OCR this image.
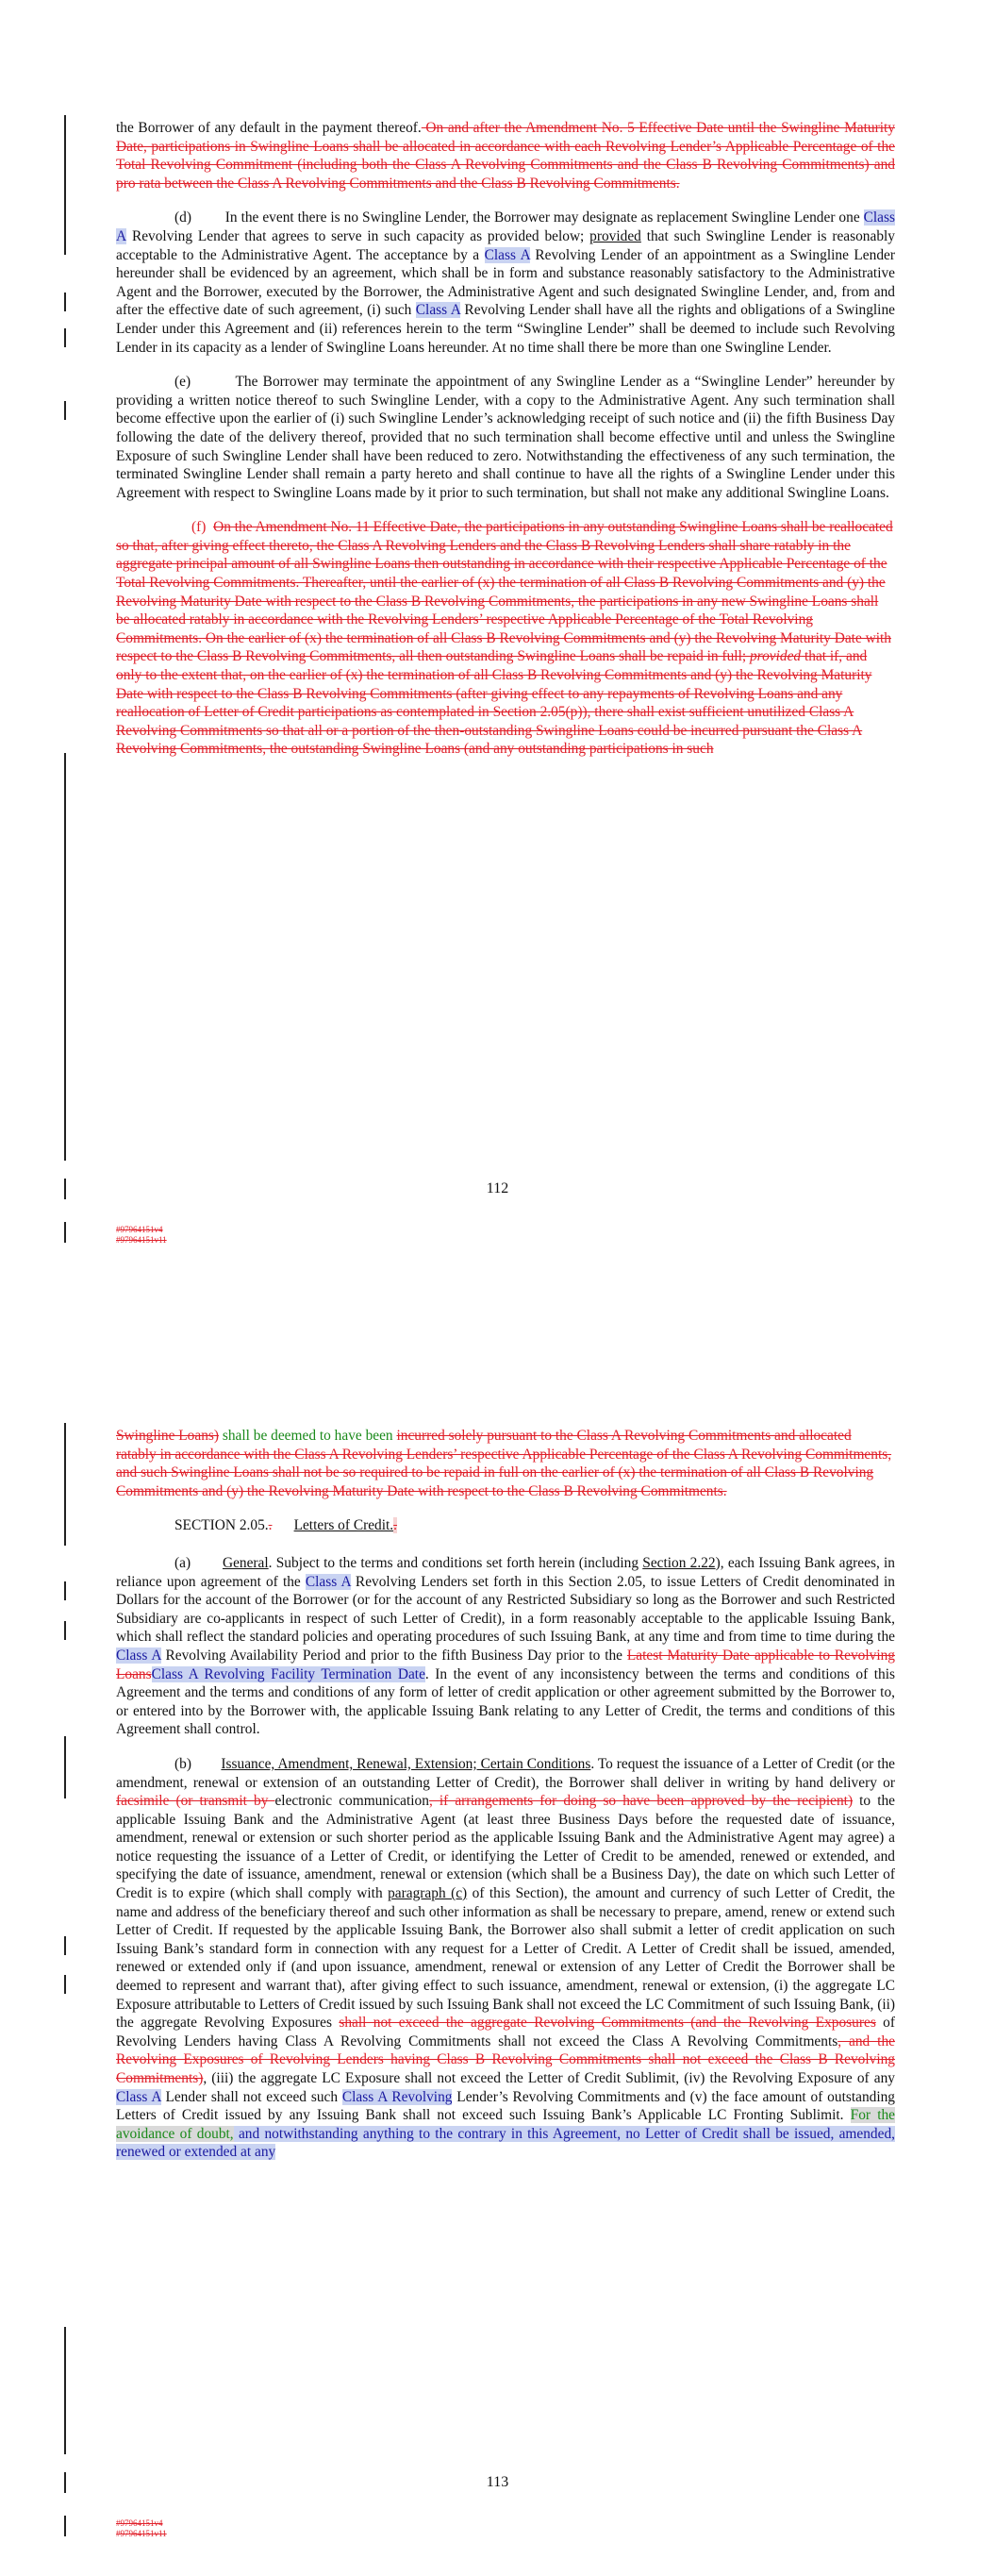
the Borrower of any default in the payment thereof. On and after the Amendment No. 5 Effective Date until the Swingline Maturity Date, participations in Swingline Loans shall be allocated in accordance with each Revolving Lender’s Applicable Percentage of the Total Revolving Commitment (including both the Class A Revolving Commitments and the Class B Revolving Commitments) and pro rata between the Class A Revolving Commitments and the Class B Revolving Commitments.

(d) In the event there is no Swingline Lender, the Borrower may designate as replacement Swingline Lender one Class A Revolving Lender that agrees to serve in such capacity as provided below; provided that such Swingline Lender is reasonably acceptable to the Administrative Agent. The acceptance by a Class A Revolving Lender of an appointment as a Swingline Lender hereunder shall be evidenced by an agreement, which shall be in form and substance reasonably satisfactory to the Administrative Agent and the Borrower, executed by the Borrower, the Administrative Agent and such designated Swingline Lender, and, from and after the effective date of such agreement, (i) such Class A Revolving Lender shall have all the rights and obligations of a Swingline Lender under this Agreement and (ii) references herein to the term “Swingline Lender” shall be deemed to include such Revolving Lender in its capacity as a lender of Swingline Loans hereunder. At no time shall there be more than one Swingline Lender.

(e)	The Borrower may terminate the appointment of any Swingline Lender as a “Swingline Lender” hereunder by providing a written notice thereof to such Swingline Lender, with a copy to the Administrative Agent. Any such termination shall become effective upon the earlier of (i) such Swingline Lender’s acknowledging receipt of such notice and (ii) the fifth Business Day following the date of the delivery thereof, provided that no such termination shall become effective until and unless the Swingline Exposure of such Swingline Lender shall have been reduced to zero. Notwithstanding the effectiveness of any such termination, the terminated Swingline Lender shall remain a party hereto and shall continue to have all the rights of a Swingline Lender under this Agreement with respect to Swingline Loans made by it prior to such termination, but shall not make any additional Swingline Loans.

(f) On the Amendment No. 11 Effective Date, the participations in any outstanding Swingline Loans shall be reallocated so that, after giving effect thereto, the Class A Revolving Lenders and the Class B Revolving Lenders shall share ratably in the aggregate principal amount of all Swingline Loans then outstanding in accordance with their respective Applicable Percentage of the Total Revolving Commitments. Thereafter, until the earlier of (x) the termination of all Class B Revolving Commitments and (y) the Revolving Maturity Date with respect to the Class B Revolving Commitments, the participations in any new Swingline Loans shall be allocated ratably in accordance with the Revolving Lenders’ respective Applicable Percentage of the Total Revolving Commitments. On the earlier of (x) the termination of all Class B Revolving Commitments and (y) the Revolving Maturity Date with respect to the Class B Revolving Commitments, all then outstanding Swingline Loans shall be repaid in full; provided that if, and only to the extent that, on the earlier of (x) the termination of all Class B Revolving Commitments and (y) the Revolving Maturity Date with respect to the Class B Revolving Commitments (after giving effect to any repayments of Revolving Loans and any reallocation of Letter of Credit participations as contemplated in Section 2.05(p)), there shall exist sufficient unutilized Class A Revolving Commitments so that all or a portion of the then-outstanding Swingline Loans could be incurred pursuant the Class A Revolving Commitments, the outstanding Swingline Loans (and any outstanding participations in such

112
#97964151v4
#97964151v11

Swingline Loans) shall be deemed to have been incurred solely pursuant to the Class A Revolving Commitments and allocated ratably in accordance with the Class A Revolving Lenders’ respective Applicable Percentage of the Class A Revolving Commitments, and such Swingline Loans shall not be so required to be repaid in full on the earlier of (x) the termination of all Class B Revolving Commitments and (y) the Revolving Maturity Date with respect to the Class B Revolving Commitments.

SECTION 2.05.. Letters of Credit..

(a) General. Subject to the terms and conditions set forth herein (including Section 2.22), each Issuing Bank agrees, in reliance upon agreement of the Class A Revolving Lenders set forth in this Section 2.05, to issue Letters of Credit denominated in Dollars for the account of the Borrower (or for the account of any Restricted Subsidiary so long as the Borrower and such Restricted Subsidiary are co-applicants in respect of such Letter of Credit), in a form reasonably acceptable to the applicable Issuing Bank, which shall reflect the standard policies and operating procedures of such Issuing Bank, at any time and from time to time during the Class A Revolving Availability Period and prior to the fifth Business Day prior to the Latest Maturity Date applicable to Revolving LoansClass A Revolving Facility Termination Date. In the event of any inconsistency between the terms and conditions of this Agreement and the terms and conditions of any form of letter of credit application or other agreement submitted by the Borrower to, or entered into by the Borrower with, the applicable Issuing Bank relating to any Letter of Credit, the terms and conditions of this Agreement shall control.

(b) Issuance, Amendment, Renewal, Extension; Certain Conditions. To request the issuance of a Letter of Credit (or the amendment, renewal or extension of an outstanding Letter of Credit), the Borrower shall deliver in writing by hand delivery or facsimile (or transmit by electronic communication, if arrangements for doing so have been approved by the recipient) to the applicable Issuing Bank and the Administrative Agent (at least three Business Days before the requested date of issuance, amendment, renewal or extension or such shorter period as the applicable Issuing Bank and the Administrative Agent may agree) a notice requesting the issuance of a Letter of Credit, or identifying the Letter of Credit to be amended, renewed or extended, and specifying the date of issuance, amendment, renewal or extension (which shall be a Business Day), the date on which such Letter of Credit is to expire (which shall comply with paragraph (c) of this Section), the amount and currency of such Letter of Credit, the name and address of the beneficiary thereof and such other information as shall be necessary to prepare, amend, renew or extend such Letter of Credit. If requested by the applicable Issuing Bank, the Borrower also shall submit a letter of credit application on such Issuing Bank’s standard form in connection with any request for a Letter of Credit. A Letter of Credit shall be issued, amended, renewed or extended only if (and upon issuance, amendment, renewal or extension of any Letter of Credit the Borrower shall be deemed to represent and warrant that), after giving effect to such issuance, amendment, renewal or extension, (i) the aggregate LC Exposure attributable to Letters of Credit issued by such Issuing Bank shall not exceed the LC Commitment of such Issuing Bank, (ii) the aggregate Revolving Exposures shall not exceed the aggregate Revolving Commitments (and the Revolving Exposures of Revolving Lenders having Class A Revolving Commitments shall not exceed the Class A Revolving Commitments, and the Revolving Exposures of Revolving Lenders having Class B Revolving Commitments shall not exceed the Class B Revolving Commitments), (iii) the aggregate LC Exposure shall not exceed the Letter of Credit Sublimit, (iv) the Revolving Exposure of any Class A Lender shall not exceed such Class A Revolving Lender’s Revolving Commitments and (v) the face amount of outstanding Letters of Credit issued by any Issuing Bank shall not exceed such Issuing Bank’s Applicable LC Fronting Sublimit. For the avoidance of doubt, and notwithstanding anything to the contrary in this Agreement, no Letter of Credit shall be issued, amended, renewed or extended at any

113
#97964151v4
#97964151v11
